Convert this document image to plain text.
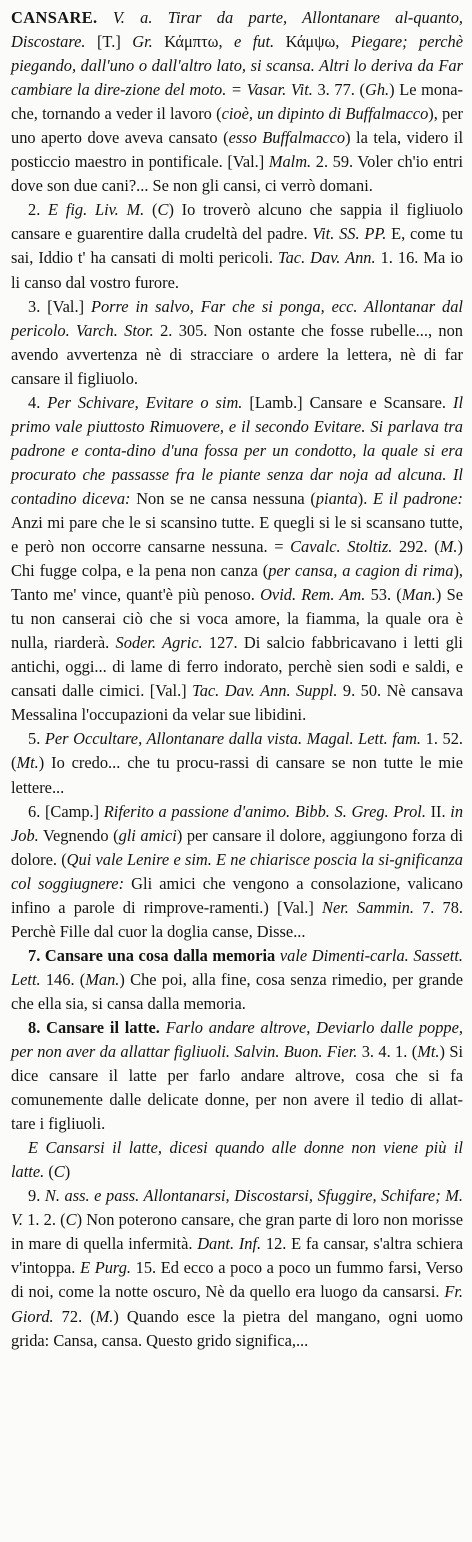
CANSARE. V. a. Tirar da parte, Allontanare al-quanto, Discostare. [T.] Gr. Κάμπτω, e fut. Κάμψω, Piegare; perchè piegando, dall'uno o dall'altro lato, si scansa. Altri lo deriva da Far cambiare la dire-zione del moto. = Vasar. Vit. 3. 77. (Gh.) Le mona-che, tornando a veder il lavoro (cioè, un dipinto di Buffalmacco), per uno aperto dove aveva cansato (esso Buffalmacco) la tela, videro il posticcio maestro in pontificale. [Val.] Malm. 2. 59. Voler ch'io entri dove son due cani?... Se non gli cansi, ci verrò domani.

2. E fig. Liv. M. (C) Io troverò alcuno che sappia il figliuolo cansare e guarentire dalla crudeltà del padre. Vit. SS. PP. E, come tu sai, Iddio t' ha cansati di molti pericoli. Tac. Dav. Ann. 1. 16. Ma io li canso dal vostro furore.

3. [Val.] Porre in salvo, Far che si ponga, ecc. Allontanar dal pericolo. Varch. Stor. 2. 305. Non ostante che fosse rubelle..., non avendo avvertenza nè di stracciare o ardere la lettera, nè di far cansare il figliuolo.

4. Per Schivare, Evitare o sim. [Lamb.] Cansare e Scansare. Il primo vale piuttosto Rimuovere, e il secondo Evitare. Si parlava tra padrone e conta-dino d'una fossa per un condotto, la quale si era procurato che passasse fra le piante senza dar noja ad alcuna. Il contadino diceva: Non se ne cansa nessuna (pianta). E il padrone: Anzi mi pare che le si scansino tutte. E quegli si le si scansano tutte, e però non occorre cansarne nessuna. = Cavalc. Stoltiz. 292. (M.) Chi fugge colpa, e la pena non canza (per cansa, a cagion di rima), Tanto me' vince, quant'è più penoso. Ovid. Rem. Am. 53. (Man.) Se tu non canserai ciò che si voca amore, la fiamma, la quale ora è nulla, riarderà. Soder. Agric. 127. Di salcio fabbricavano i letti gli antichi, oggi... di lame di ferro indorato, perchè sien sodi e saldi, e cansati dalle cimici. [Val.] Tac. Dav. Ann. Suppl. 9. 50. Nè cansava Messalina l'occupazioni da velar sue libidini.

5. Per Occultare, Allontanare dalla vista. Magal. Lett. fam. 1. 52. (Mt.) Io credo... che tu procu-rassi di cansare se non tutte le mie lettere...

6. [Camp.] Riferito a passione d'animo. Bibb. S. Greg. Prol. II. in Job. Vegnendo (gli amici) per cansare il dolore, aggiungono forza di dolore. (Qui vale Lenire e sim. E ne chiarisce poscia la si-gnificanza col soggiugnere: Gli amici che vengono a consolazione, valicano infino a parole di rimprove-ramenti.) [Val.] Ner. Sammin. 7. 78. Perchè Fille dal cuor la doglia canse, Disse...

7. Cansare una cosa dalla memoria vale Dimenti-carla. Sassett. Lett. 146. (Man.) Che poi, alla fine, cosa senza rimedio, per grande che ella sia, si cansa dalla memoria.

8. Cansare il latte. Farlo andare altrove, Deviarlo dalle poppe, per non aver da allattar figliuoli. Salvin. Buon. Fier. 3. 4. 1. (Mt.) Si dice cansare il latte per farlo andare altrove, cosa che si fa comunemente dalle delicate donne, per non avere il tedio di allat-tare i figliuoli.

E Cansarsi il latte, dicesi quando alle donne non viene più il latte. (C)

9. N. ass. e pass. Allontanarsi, Discostarsi, Sfuggire, Schifare; M. V. 1. 2. (C) Non poterono cansare, che gran parte di loro non morisse in mare di quella infermità. Dant. Inf. 12. E fa cansar, s'altra schiera v'intoppa. E Purg. 15. Ed ecco a poco a poco un fummo farsi, Verso di noi, come la notte oscuro, Nè da quello era luogo da cansarsi. Fr. Giord. 72. (M.) Quando esce la pietra del mangano, ogni uomo grida: Cansa, cansa. Questo grido significa,...
